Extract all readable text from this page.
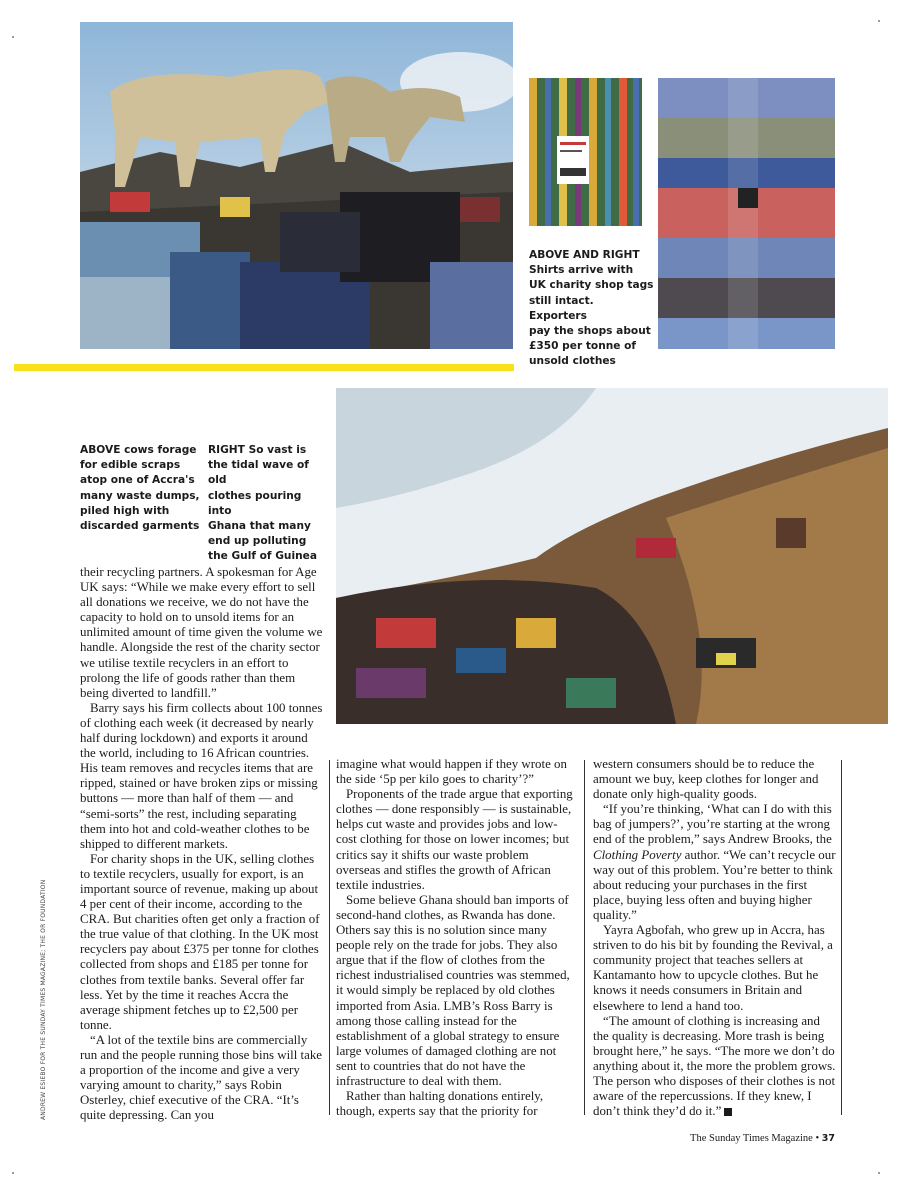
ABOVE AND RIGHT
Shirts arrive with
UK charity shop tags
still intact. Exporters
pay the shops about
£350 per tonne of
unsold clothes
ABOVE cows forage
for edible scraps
atop one of Accra's
many waste dumps,
piled high with
discarded garments
RIGHT So vast is
the tidal wave of old
clothes pouring into
Ghana that many
end up polluting
the Gulf of Guinea

their recycling partners. A spokesman for Age UK says: “While we make every effort to sell all donations we receive, we do not have the capacity to hold on to unsold items for an unlimited amount of time given the volume we handle. Alongside the rest of the charity sector we utilise textile recyclers in an effort to prolong the life of goods rather than them being diverted to landfill.”

Barry says his firm collects about 100 tonnes of clothing each week (it decreased by nearly half during lockdown) and exports it around the world, including to 16 African countries. His team removes and recycles items that are ripped, stained or have broken zips or missing buttons — more than half of them — and “semi-sorts” the rest, including separating them into hot and cold-weather clothes to be shipped to different markets.

For charity shops in the UK, selling clothes to textile recyclers, usually for export, is an important source of revenue, making up about 4 per cent of their income, according to the CRA. But charities often get only a fraction of the true value of that clothing. In the UK most recyclers pay about £375 per tonne for clothes collected from shops and £185 per tonne for clothes from textile banks. Several offer far less. Yet by the time it reaches Accra the average shipment fetches up to £2,500 per tonne.

“A lot of the textile bins are commercially run and the people running those bins will take a proportion of the income and give a very varying amount to charity,” says Robin Osterley, chief executive of the CRA. “It’s quite depressing. Can you

imagine what would happen if they wrote on the side ‘5p per kilo goes to charity’?”

Proponents of the trade argue that exporting clothes — done responsibly — is sustainable, helps cut waste and provides jobs and low-cost clothing for those on lower incomes; but critics say it shifts our waste problem overseas and stifles the growth of African textile industries.

Some believe Ghana should ban imports of second-hand clothes, as Rwanda has done. Others say this is no solution since many people rely on the trade for jobs. They also argue that if the flow of clothes from the richest industrialised countries was stemmed, it would simply be replaced by old clothes imported from Asia. LMB’s Ross Barry is among those calling instead for the establishment of a global strategy to ensure large volumes of damaged clothing are not sent to countries that do not have the infrastructure to deal with them.

Rather than halting donations entirely, though, experts say that the priority for

western consumers should be to reduce the amount we buy, keep clothes for longer and donate only high-quality goods.

“If you’re thinking, ‘What can I do with this bag of jumpers?’, you’re starting at the wrong end of the problem,” says Andrew Brooks, the Clothing Poverty author. “We can’t recycle our way out of this problem. You’re better to think about reducing your purchases in the first place, buying less often and buying higher quality.”

Yayra Agbofah, who grew up in Accra, has striven to do his bit by founding the Revival, a community project that teaches sellers at Kantamanto how to upcycle clothes. But he knows it needs consumers in Britain and elsewhere to lend a hand too.

“The amount of clothing is increasing and the quality is decreasing. More trash is being brought here,” he says. “The more we don’t do anything about it, the more the problem grows. The person who disposes of their clothes is not aware of the repercussions. If they knew, I don’t think they’d do it.”

ANDREW ESIEBO FOR THE SUNDAY TIMES MAGAZINE; THE OR FOUNDATION
The Sunday Times Magazine • 37
